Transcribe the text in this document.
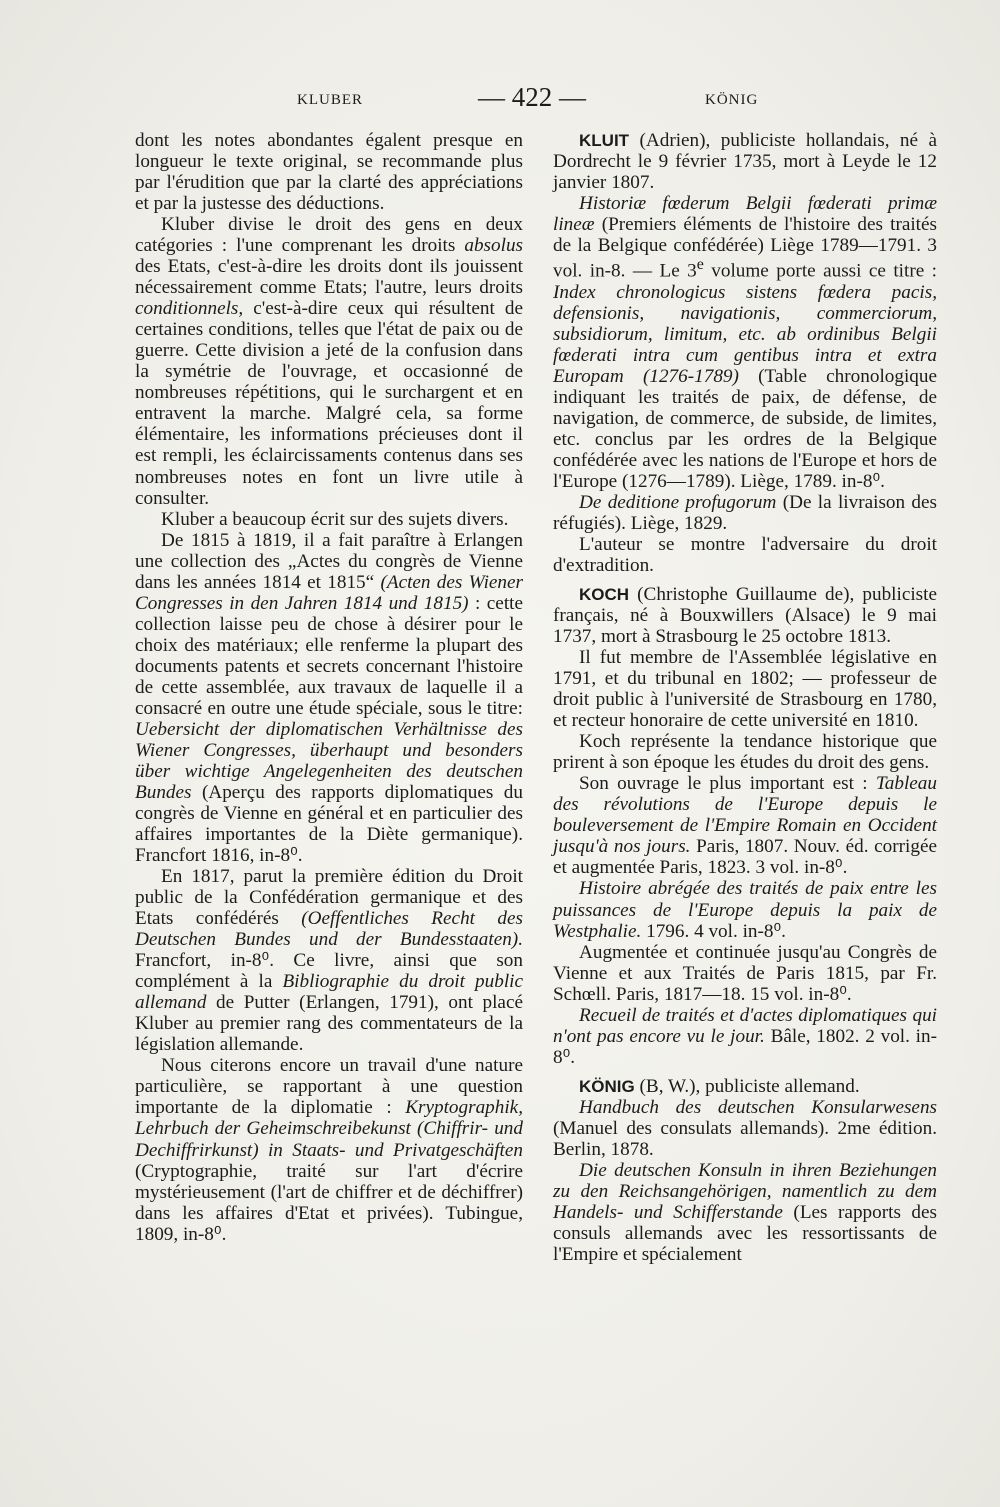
KLUBER	— 422 —	KÖNIG

dont les notes abondantes égalent presque en longueur le texte original, se recommande plus par l'érudition que par la clarté des appréciations et par la justesse des déductions.

Kluber divise le droit des gens en deux catégories : l'une comprenant les droits absolus des Etats, c'est-à-dire les droits dont ils jouissent nécessairement comme Etats; l'autre, leurs droits conditionnels, c'est-à-dire ceux qui résultent de certaines conditions, telles que l'état de paix ou de guerre. Cette division a jeté de la confusion dans la symétrie de l'ouvrage, et occasionné de nombreuses répétitions, qui le surchargent et en entravent la marche. Malgré cela, sa forme élémentaire, les informations précieuses dont il est rempli, les éclaircissaments contenus dans ses nombreuses notes en font un livre utile à consulter.

Kluber a beaucoup écrit sur des sujets divers.

De 1815 à 1819, il a fait paraître à Erlangen une collection des „Actes du congrès de Vienne dans les années 1814 et 1815“ (Acten des Wiener Congresses in den Jahren 1814 und 1815) : cette collection laisse peu de chose à désirer pour le choix des matériaux; elle renferme la plupart des documents patents et secrets concernant l'histoire de cette assemblée, aux travaux de laquelle il a consacré en outre une étude spéciale, sous le titre: Uebersicht der diplomatischen Verhältnisse des Wiener Congresses, überhaupt und besonders über wichtige Angelegenheiten des deutschen Bundes (Aperçu des rapports diplomatiques du congrès de Vienne en général et en particulier des affaires importantes de la Diète germanique). Francfort 1816, in-8⁰.

En 1817, parut la première édition du Droit public de la Confédération germanique et des Etats confédérés (Oeffentliches Recht des Deutschen Bundes und der Bundesstaaten). Francfort, in-8⁰. Ce livre, ainsi que son complément à la Bibliographie du droit public allemand de Putter (Erlangen, 1791), ont placé Kluber au premier rang des commentateurs de la législation allemande.

Nous citerons encore un travail d'une nature particulière, se rapportant à une question importante de la diplomatie : Kryptographik, Lehrbuch der Geheimschreibekunst (Chiffrir- und Dechiffrirkunst) in Staats- und Privatgeschäften (Cryptographie, traité sur l'art d'écrire mystérieusement (l'art de chiffrer et de déchiffrer) dans les affaires d'Etat et privées). Tubingue, 1809, in-8⁰.

KLUIT (Adrien), publiciste hollandais, né à Dordrecht le 9 février 1735, mort à Leyde le 12 janvier 1807.

Historiæ fœderum Belgii fœderati primæ lineæ (Premiers éléments de l'histoire des traités de la Belgique confédérée) Liège 1789—1791. 3 vol. in-8. — Le 3e volume porte aussi ce titre : Index chronologicus sistens fœdera pacis, defensionis, navigationis, commerciorum, subsidiorum, limitum, etc. ab ordinibus Belgii fœderati intra cum gentibus intra et extra Europam (1276-1789) (Table chronologique indiquant les traités de paix, de défense, de navigation, de commerce, de subside, de limites, etc. conclus par les ordres de la Belgique confédérée avec les nations de l'Europe et hors de l'Europe (1276—1789). Liège, 1789. in-8⁰.

De deditione profugorum (De la livraison des réfugiés). Liège, 1829.

L'auteur se montre l'adversaire du droit d'extradition.

KOCH (Christophe Guillaume de), publiciste français, né à Bouxwillers (Alsace) le 9 mai 1737, mort à Strasbourg le 25 octobre 1813.

Il fut membre de l'Assemblée législative en 1791, et du tribunal en 1802; — professeur de droit public à l'université de Strasbourg en 1780, et recteur honoraire de cette université en 1810.

Koch représente la tendance historique que prirent à son époque les études du droit des gens.

Son ouvrage le plus important est : Tableau des révolutions de l'Europe depuis le bouleversement de l'Empire Romain en Occident jusqu'à nos jours. Paris, 1807. Nouv. éd. corrigée et augmentée Paris, 1823. 3 vol. in-8⁰.

Histoire abrégée des traités de paix entre les puissances de l'Europe depuis la paix de Westphalie. 1796. 4 vol. in-8⁰.

Augmentée et continuée jusqu'au Congrès de Vienne et aux Traités de Paris 1815, par Fr. Schœll. Paris, 1817—18. 15 vol. in-8⁰.

Recueil de traités et d'actes diplomatiques qui n'ont pas encore vu le jour. Bâle, 1802. 2 vol. in-8⁰.

KÖNIG (B, W.), publiciste allemand.

Handbuch des deutschen Konsularwesens (Manuel des consulats allemands). 2me édition. Berlin, 1878.

Die deutschen Konsuln in ihren Beziehungen zu den Reichsangehörigen, namentlich zu dem Handels- und Schifferstande (Les rapports des consuls allemands avec les ressortissants de l'Empire et spécialement
